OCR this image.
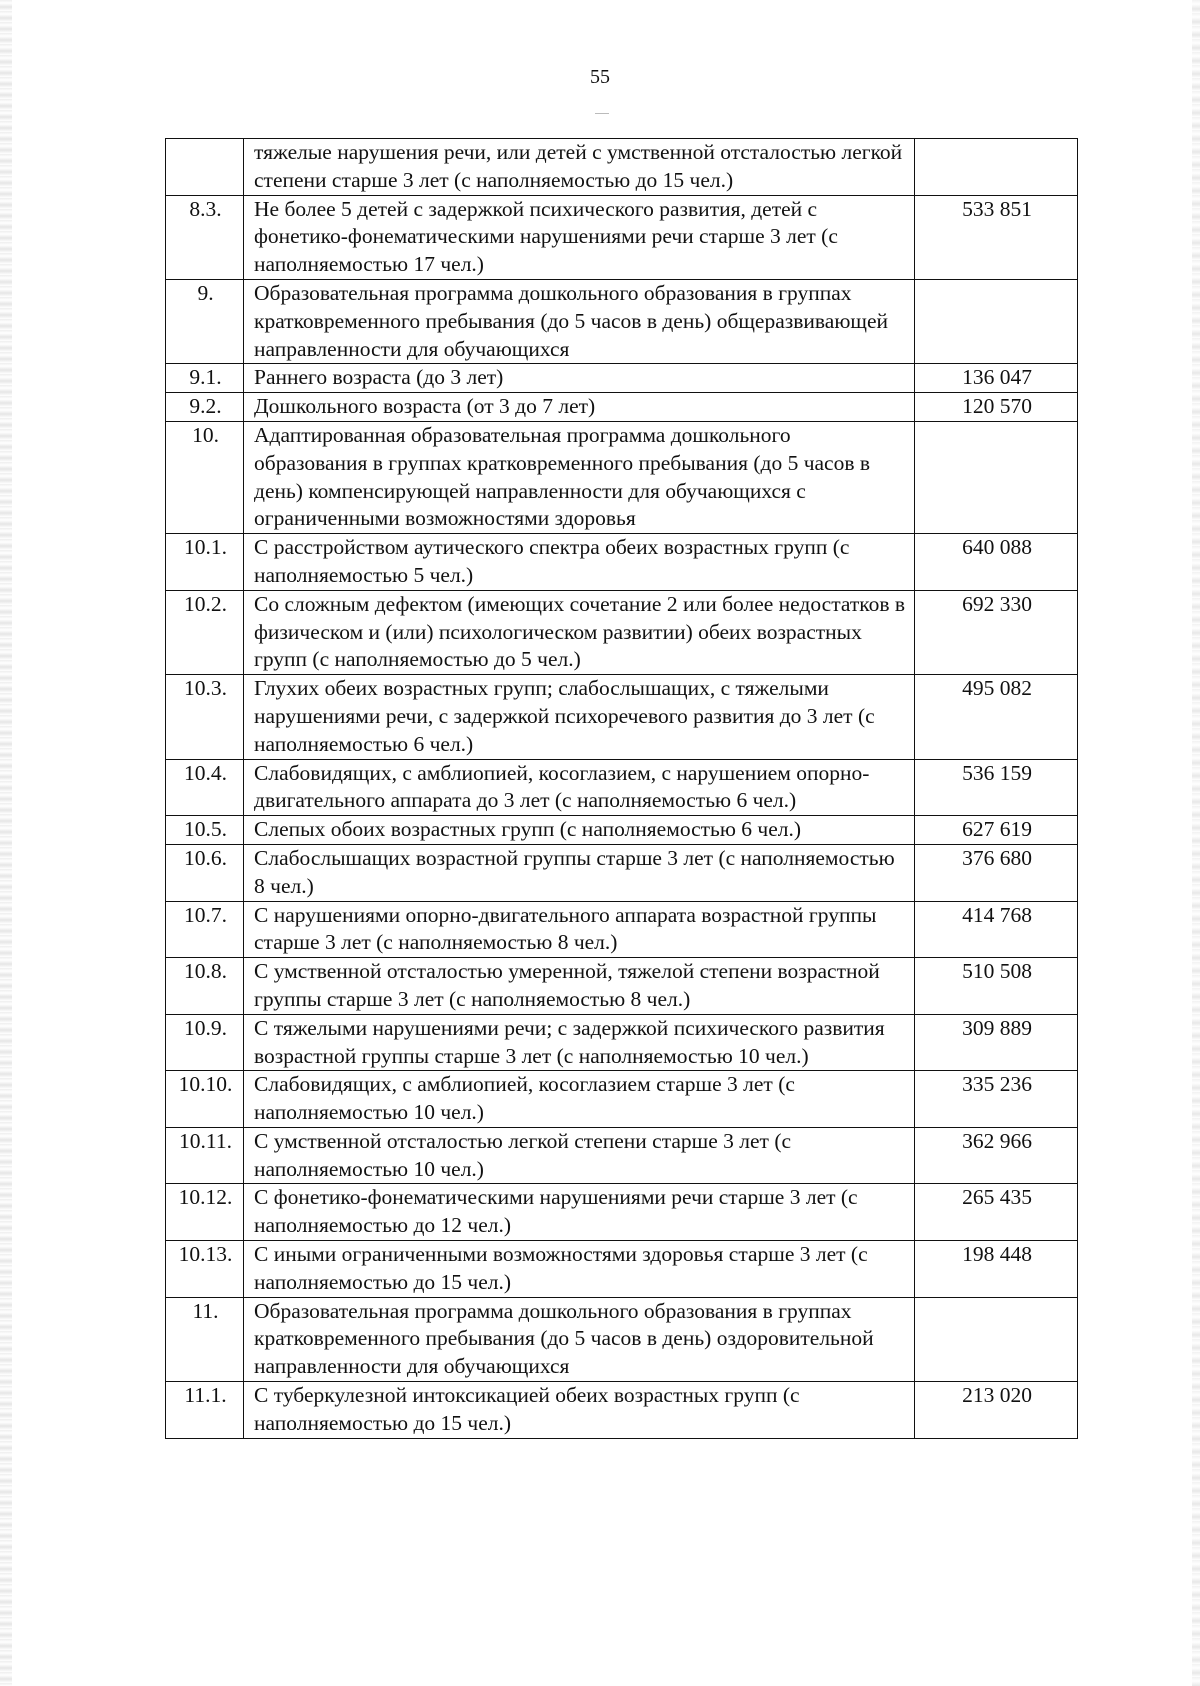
55
	тяжелые нарушения речи, или детей с умственной отсталостью легкой степени старше 3 лет (с наполняемостью до 15 чел.)	
8.3.	Не более 5 детей с задержкой психического развития, детей с фонетико-фонематическими нарушениями речи старше 3 лет (с наполняемостью 17 чел.)	533 851
9.	Образовательная программа дошкольного образования в группах кратковременного пребывания (до 5 часов в день) общеразвивающей направленности для обучающихся	
9.1.	Раннего возраста (до 3 лет)	136 047
9.2.	Дошкольного возраста (от 3 до 7 лет)	120 570
10.	Адаптированная образовательная программа дошкольного образования в группах кратковременного пребывания (до 5 часов в день) компенсирующей направленности для обучающихся с ограниченными возможностями здоровья	
10.1.	С расстройством аутического спектра обеих возрастных групп (с наполняемостью 5 чел.)	640 088
10.2.	Со сложным дефектом (имеющих сочетание 2 или более недостатков в физическом и (или) психологическом развитии) обеих возрастных групп (с наполняемостью до 5 чел.)	692 330
10.3.	Глухих обеих возрастных групп; слабослышащих, с тяжелыми нарушениями речи, с задержкой психоречевого развития до 3 лет (с наполняемостью 6 чел.)	495 082
10.4.	Слабовидящих, с амблиопией, косоглазием, с нарушением опорно-двигательного аппарата до 3 лет (с наполняемостью 6 чел.)	536 159
10.5.	Слепых обоих возрастных групп (с наполняемостью 6 чел.)	627 619
10.6.	Слабослышащих возрастной группы старше 3 лет (с наполняемостью 8 чел.)	376 680
10.7.	С нарушениями опорно-двигательного аппарата возрастной группы старше 3 лет (с наполняемостью 8 чел.)	414 768
10.8.	С умственной отсталостью умеренной, тяжелой степени возрастной группы старше 3 лет (с наполняемостью 8 чел.)	510 508
10.9.	С тяжелыми нарушениями речи; с задержкой психического развития возрастной группы старше 3 лет (с наполняемостью 10 чел.)	309 889
10.10.	Слабовидящих, с амблиопией, косоглазием старше 3 лет (с наполняемостью 10 чел.)	335 236
10.11.	С умственной отсталостью легкой степени старше 3 лет (с наполняемостью 10 чел.)	362 966
10.12.	С фонетико-фонематическими нарушениями речи старше 3 лет (с наполняемостью до 12 чел.)	265 435
10.13.	С иными ограниченными возможностями здоровья старше 3 лет (с наполняемостью до 15 чел.)	198 448
11.	Образовательная программа дошкольного образования в группах кратковременного пребывания (до 5 часов в день) оздоровительной направленности для обучающихся	
11.1.	С туберкулезной интоксикацией обеих возрастных групп (с наполняемостью до 15 чел.)	213 020
